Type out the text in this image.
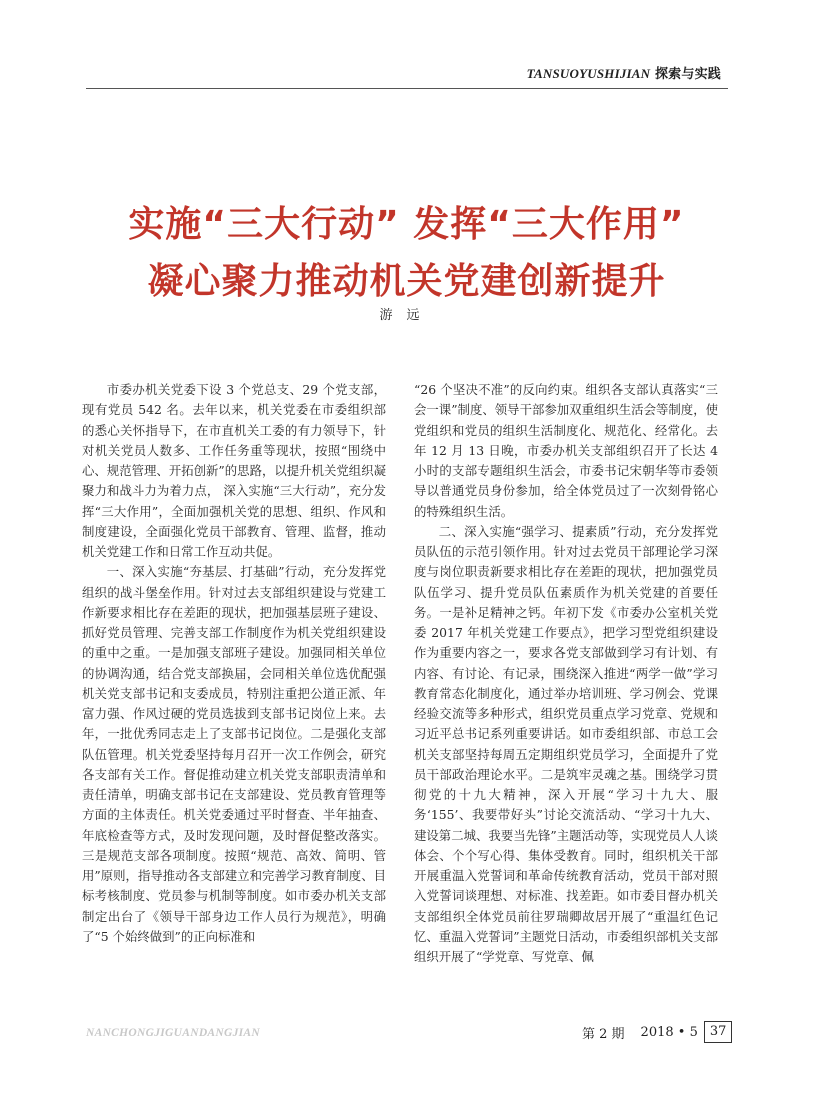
TANSUOYUSHIJIAN 探索与实践
实施“三大行动” 发挥“三大作用”
凝心聚力推动机关党建创新提升
游远

市委办机关党委下设 3 个党总支、29 个党支部，现有党员 542 名。去年以来，机关党委在市委组织部的悉心关怀指导下，在市直机关工委的有力领导下，针对机关党员人数多、工作任务重等现状，按照“围绕中心、规范管理、开拓创新”的思路，以提升机关党组织凝聚力和战斗力为着力点， 深入实施“三大行动”，充分发挥“三大作用”，全面加强机关党的思想、组织、作风和制度建设，全面强化党员干部教育、管理、监督，推动机关党建工作和日常工作互动共促。

一、深入实施“夯基层、打基础”行动，充分发挥党组织的战斗堡垒作用。针对过去支部组织建设与党建工作新要求相比存在差距的现状，把加强基层班子建设、抓好党员管理、完善支部工作制度作为机关党组织建设的重中之重。一是加强支部班子建设。加强同相关单位的协调沟通，结合党支部换届，会同相关单位选优配强机关党支部书记和支委成员，特别注重把公道正派、年富力强、作风过硬的党员选拔到支部书记岗位上来。去年，一批优秀同志走上了支部书记岗位。二是强化支部队伍管理。机关党委坚持每月召开一次工作例会，研究各支部有关工作。督促推动建立机关党支部职责清单和责任清单，明确支部书记在支部建设、党员教育管理等方面的主体责任。机关党委通过平时督查、半年抽查、年底检查等方式，及时发现问题，及时督促整改落实。三是规范支部各项制度。按照“规范、高效、简明、管用”原则，指导推动各支部建立和完善学习教育制度、目标考核制度、党员参与机制等制度。如市委办机关支部制定出台了《领导干部身边工作人员行为规范》，明确了“5 个始终做到”的正向标准和

“26 个坚决不准”的反向约束。组织各支部认真落实“三会一课”制度、领导干部参加双重组织生活会等制度，使党组织和党员的组织生活制度化、规范化、经常化。去年 12 月 13 日晚，市委办机关支部组织召开了长达 4 小时的支部专题组织生活会，市委书记宋朝华等市委领导以普通党员身份参加，给全体党员过了一次刻骨铭心的特殊组织生活。

二、深入实施“强学习、提素质”行动，充分发挥党员队伍的示范引领作用。针对过去党员干部理论学习深度与岗位职责新要求相比存在差距的现状，把加强党员队伍学习、提升党员队伍素质作为机关党建的首要任务。一是补足精神之钙。年初下发《市委办公室机关党委 2017 年机关党建工作要点》，把学习型党组织建设作为重要内容之一，要求各党支部做到学习有计划、有内容、有讨论、有记录，围绕深入推进“两学一做”学习教育常态化制度化，通过举办培训班、学习例会、党课经验交流等多种形式，组织党员重点学习党章、党规和习近平总书记系列重要讲话。如市委组织部、市总工会机关支部坚持每周五定期组织党员学习，全面提升了党员干部政治理论水平。二是筑牢灵魂之基。围绕学习贯彻党的十九大精神，深入开展“学习十九大、服务‘155’、我要带好头”讨论交流活动、“学习十九大、建设第二城、我要当先锋”主题活动等，实现党员人人谈体会、个个写心得、集体受教育。同时，组织机关干部开展重温入党誓词和革命传统教育活动，党员干部对照入党誓词谈理想、对标准、找差距。如市委目督办机关支部组织全体党员前往罗瑞卿故居开展了“重温红色记忆、重温入党誓词”主题党日活动，市委组织部机关支部组织开展了“学党章、写党章、佩

NANCHONGJIGUANDANGJIAN	第 2 期 2018 • 5 37
